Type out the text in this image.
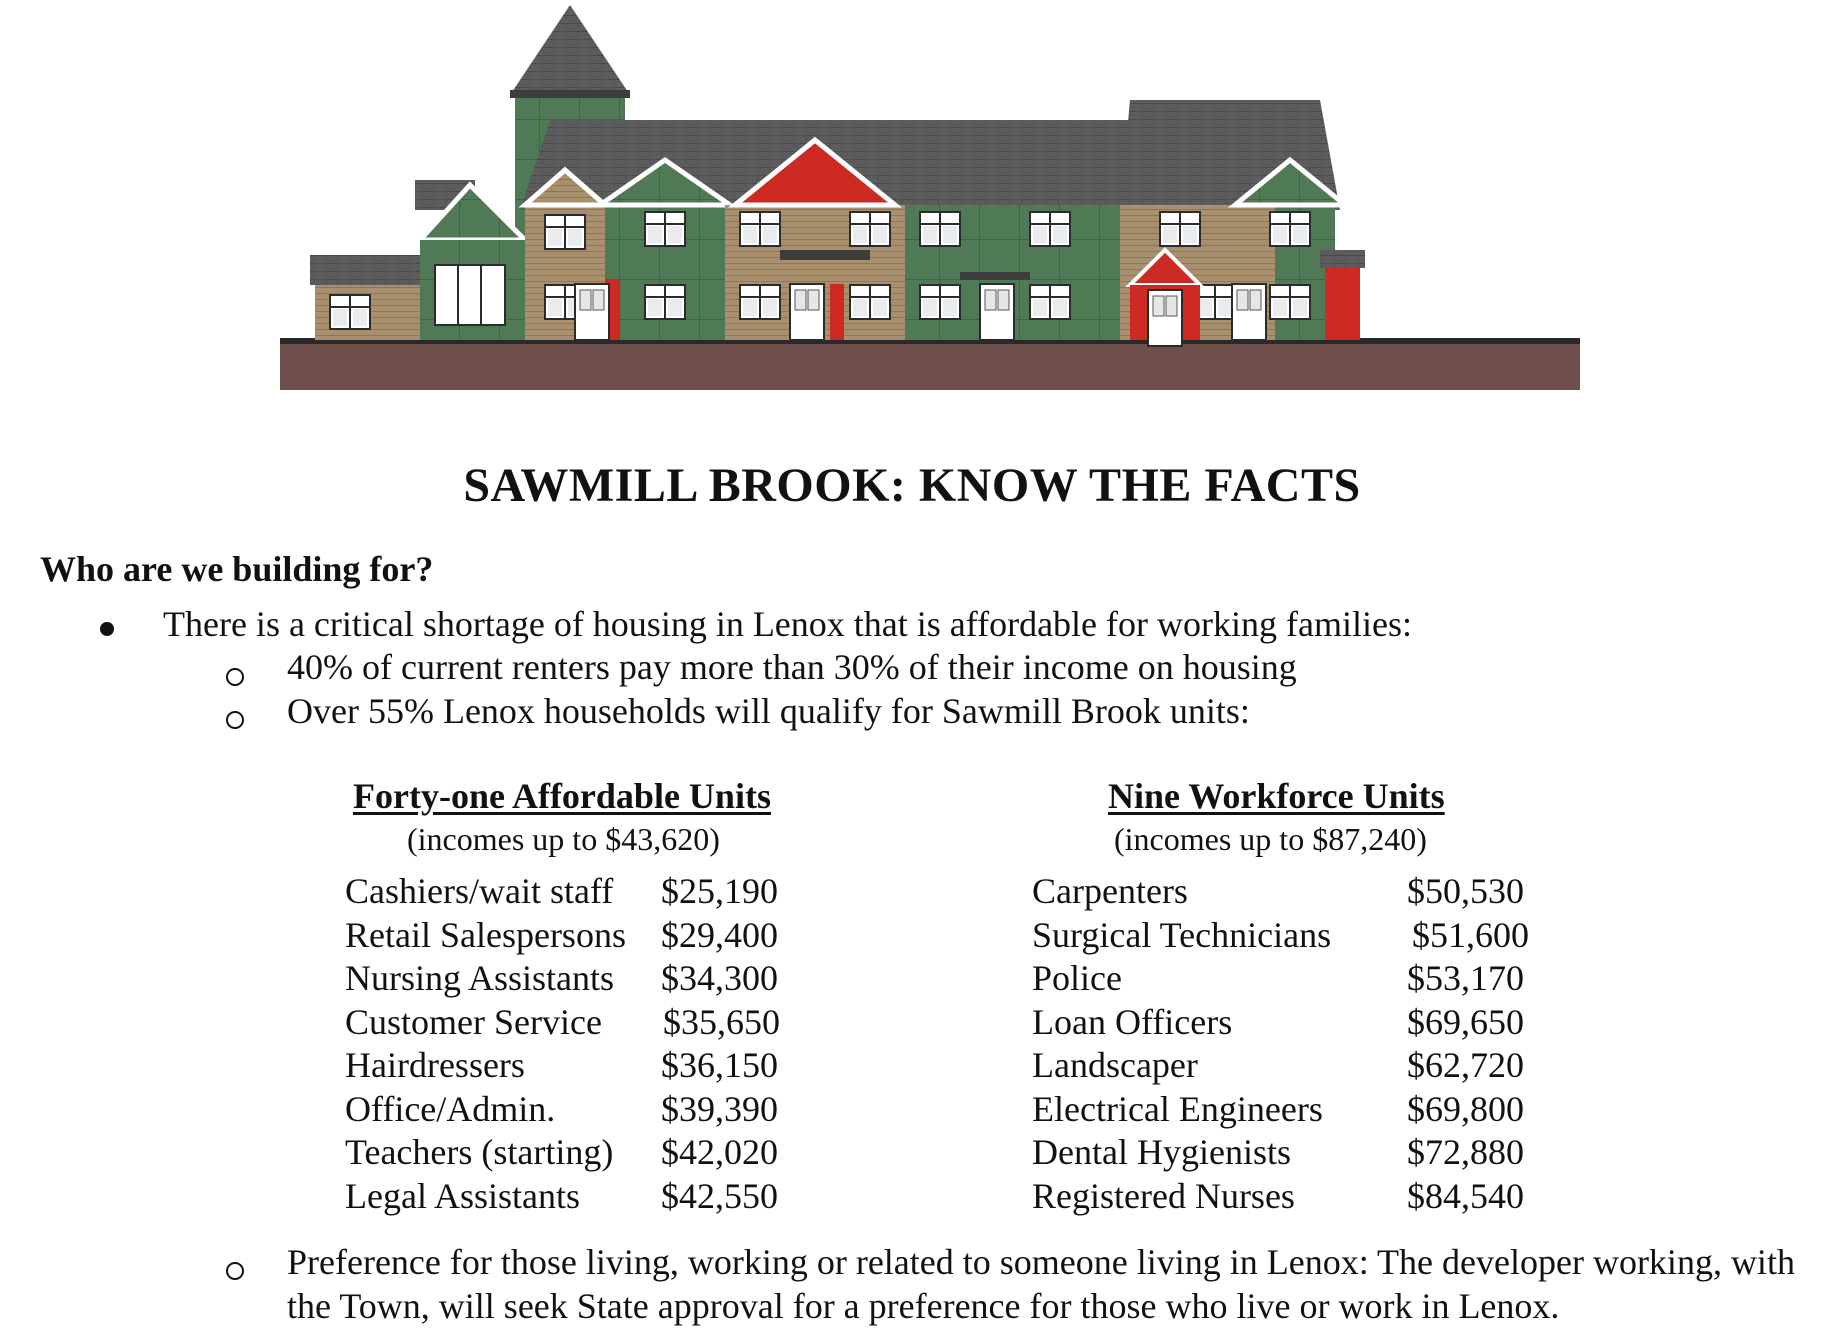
SAWMILL BROOK: KNOW THE FACTS
Who are we building for?
There is a critical shortage of housing in Lenox that is affordable for working families:
40% of current renters pay more than 30% of their income on housing
Over 55% Lenox households will qualify for Sawmill Brook units:
Forty-one Affordable Units
(incomes up to $43,620)
Cashiers/wait staff $25,190
Retail Salespersons $29,400
Nursing Assistants $34,300
Customer Service $35,650
Hairdressers	$36,150
Office/Admin.	$39,390
Teachers (starting) $42,020
Legal Assistants $42,550
Nine Workforce Units
(incomes up to $87,240)
Carpenters	$50,530
Surgical Technicians $51,600
Police	$53,170
Loan Officers	$69,650
Landscaper	$62,720
Electrical Engineers $69,800
Dental Hygienists	$72,880
Registered Nurses	$84,540
Preference for those living, working or related to someone living in Lenox: The developer working, with the Town, will seek State approval for a preference for those who live or work in Lenox.
